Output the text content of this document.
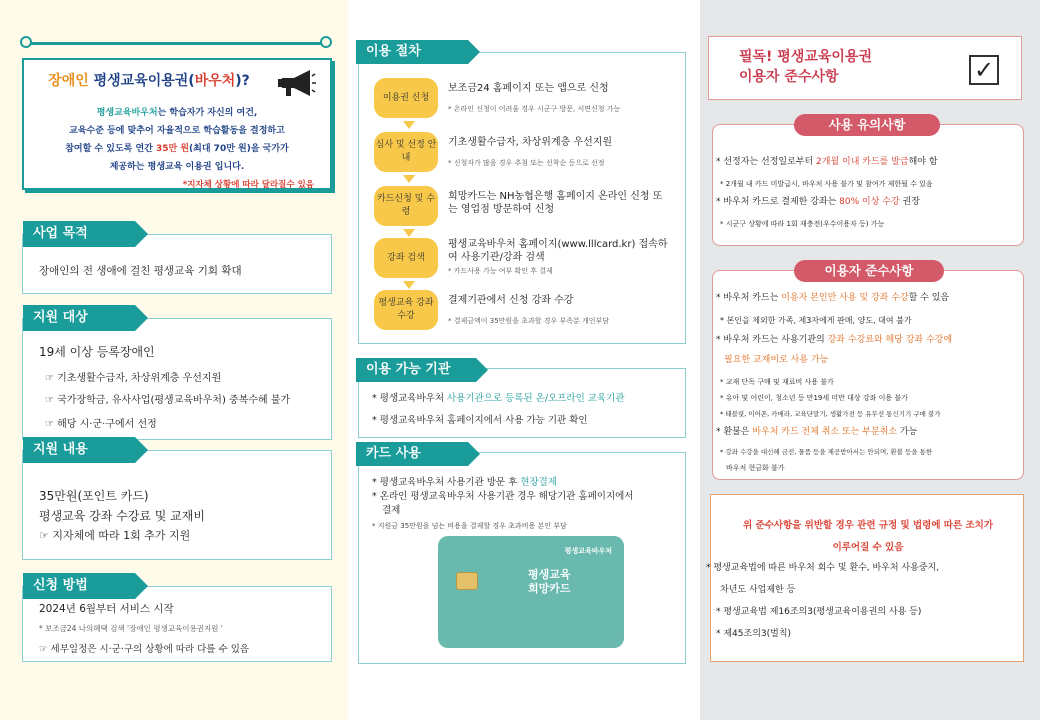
장애인 평생교육이용권(바우처)?
평생교육바우처는 학습자가 자신의 여건,
교육수준 등에 맞추어 자율적으로 학습활동을 결정하고
참여할 수 있도록 연간 35만 원(최대 70만 원)을 국가가
제공하는 평생교육 이용권 입니다.
*지자체 상황에 따라 달라질수 있음
사업 목적
장애인의 전 생애에 걸친 평생교육 기회 확대
지원 대상
19세 이상 등록장애인
☞ 기초생활수급자, 차상위계층 우선지원
☞ 국가장학금, 유사사업(평생교육바우처) 중복수혜 불가
☞ 해당 시·군·구에서 선정
지원 내용
35만원(포인트 카드)
평생교육 강좌 수강료 및 교재비
☞ 지자체에 따라 1회 추가 지원
신청 방법
2024년 6월부터 서비스 시작
* 보조금24 나의혜택 검색 '장애인 평생교육이용권지원 '
☞ 세부일정은 시·군·구의 상황에 따라 다를 수 있음
이용 절차
이용권 신청
보조금24 홈페이지 또는 앱으로 신청
* 온라인 신청이 어려울 경우 시군구 방문, 서면신청 가능
심사 및 선정 안내
기초생활수급자, 차상위계층 우선지원
* 신청자가 많을 경우 추첨 또는 선착순 등으로 선정
카드신청 및 수령
희망카드는 NH농협은행 홈페이지 온라인 신청 또는 영업점 방문하여 신청
강좌 검색
평생교육바우처 홈페이지(www.lllcard.kr) 접속하여 사용기관/강좌 검색
* 카드사용 가능 여부 확인 후 결제
평생교육 강좌 수강
결제기관에서 신청 강좌 수강
* 결제금액이 35만원을 초과할 경우 부족분 개인부담
이용 가능 기관
* 평생교육바우처 사용기관으로 등록된 온/오프라인 교육기관
* 평생교육바우처 홈페이지에서 사용 가능 기관 확인
카드 사용
* 평생교육바우처 사용기관 방문 후 현장결제
* 온라인 평생교육바우처 사용기관 경우 해당기관 홈페이지에서
결제
* 지원금 35만원을 넘는 비용을 결제할 경우 초과비용 본인 부담
평생교육바우처
평생교육
희망카드
필독! 평생교육이용권
이용자 준수사항	✓
사용 유의사항
* 선정자는 선정일로부터 2개월 이내 카드를 발급해야 함
* 2개월 내 카드 미발급시, 바우처 사용 불가 및 참여가 제한될 수 있음
* 바우처 카드로 결제한 강좌는 80% 이상 수강 권장
* 시군구 상황에 따라 1회 재충전(우수이용자 등) 가능
이용자 준수사항
* 바우처 카드는 이용자 본인만 사용 및 강좌 수강할 수 있음
* 본인을 제외한 가족, 제3자에게 판매, 양도, 대여 불가
* 바우처 카드는 사용기관의 강좌 수강료와 해당 강좌 수강에
필요한 교재비로 사용 가능
* 교재 단독 구매 및 재료비 사용 불가
* 유아 및 어린이, 청소년 등 만19세 미만 대상 강좌 이용 불가
* 태블릿, 이어폰, 카메라, 교육단말기, 생활가전 등 유무선 통신기기 구매 불가
* 환불은 바우처 카드 전체 취소 또는 부분취소 가능
* 강좌 수강을 대신해 금전, 물품 등을 제공받아서는 안되며, 환불 등을 통한
바우처 현금화 불가
위 준수사항을 위반할 경우 관련 규정 및 법령에 따른 조치가
이루어질 수 있음
* 평생교육법에 따른 바우처 회수 및 환수, 바우처 사용중지,
차년도 사업제한 등
* 평생교육법 제16조의3(평생교육이용권의 사용 등)
* 제45조의3(벌칙)
